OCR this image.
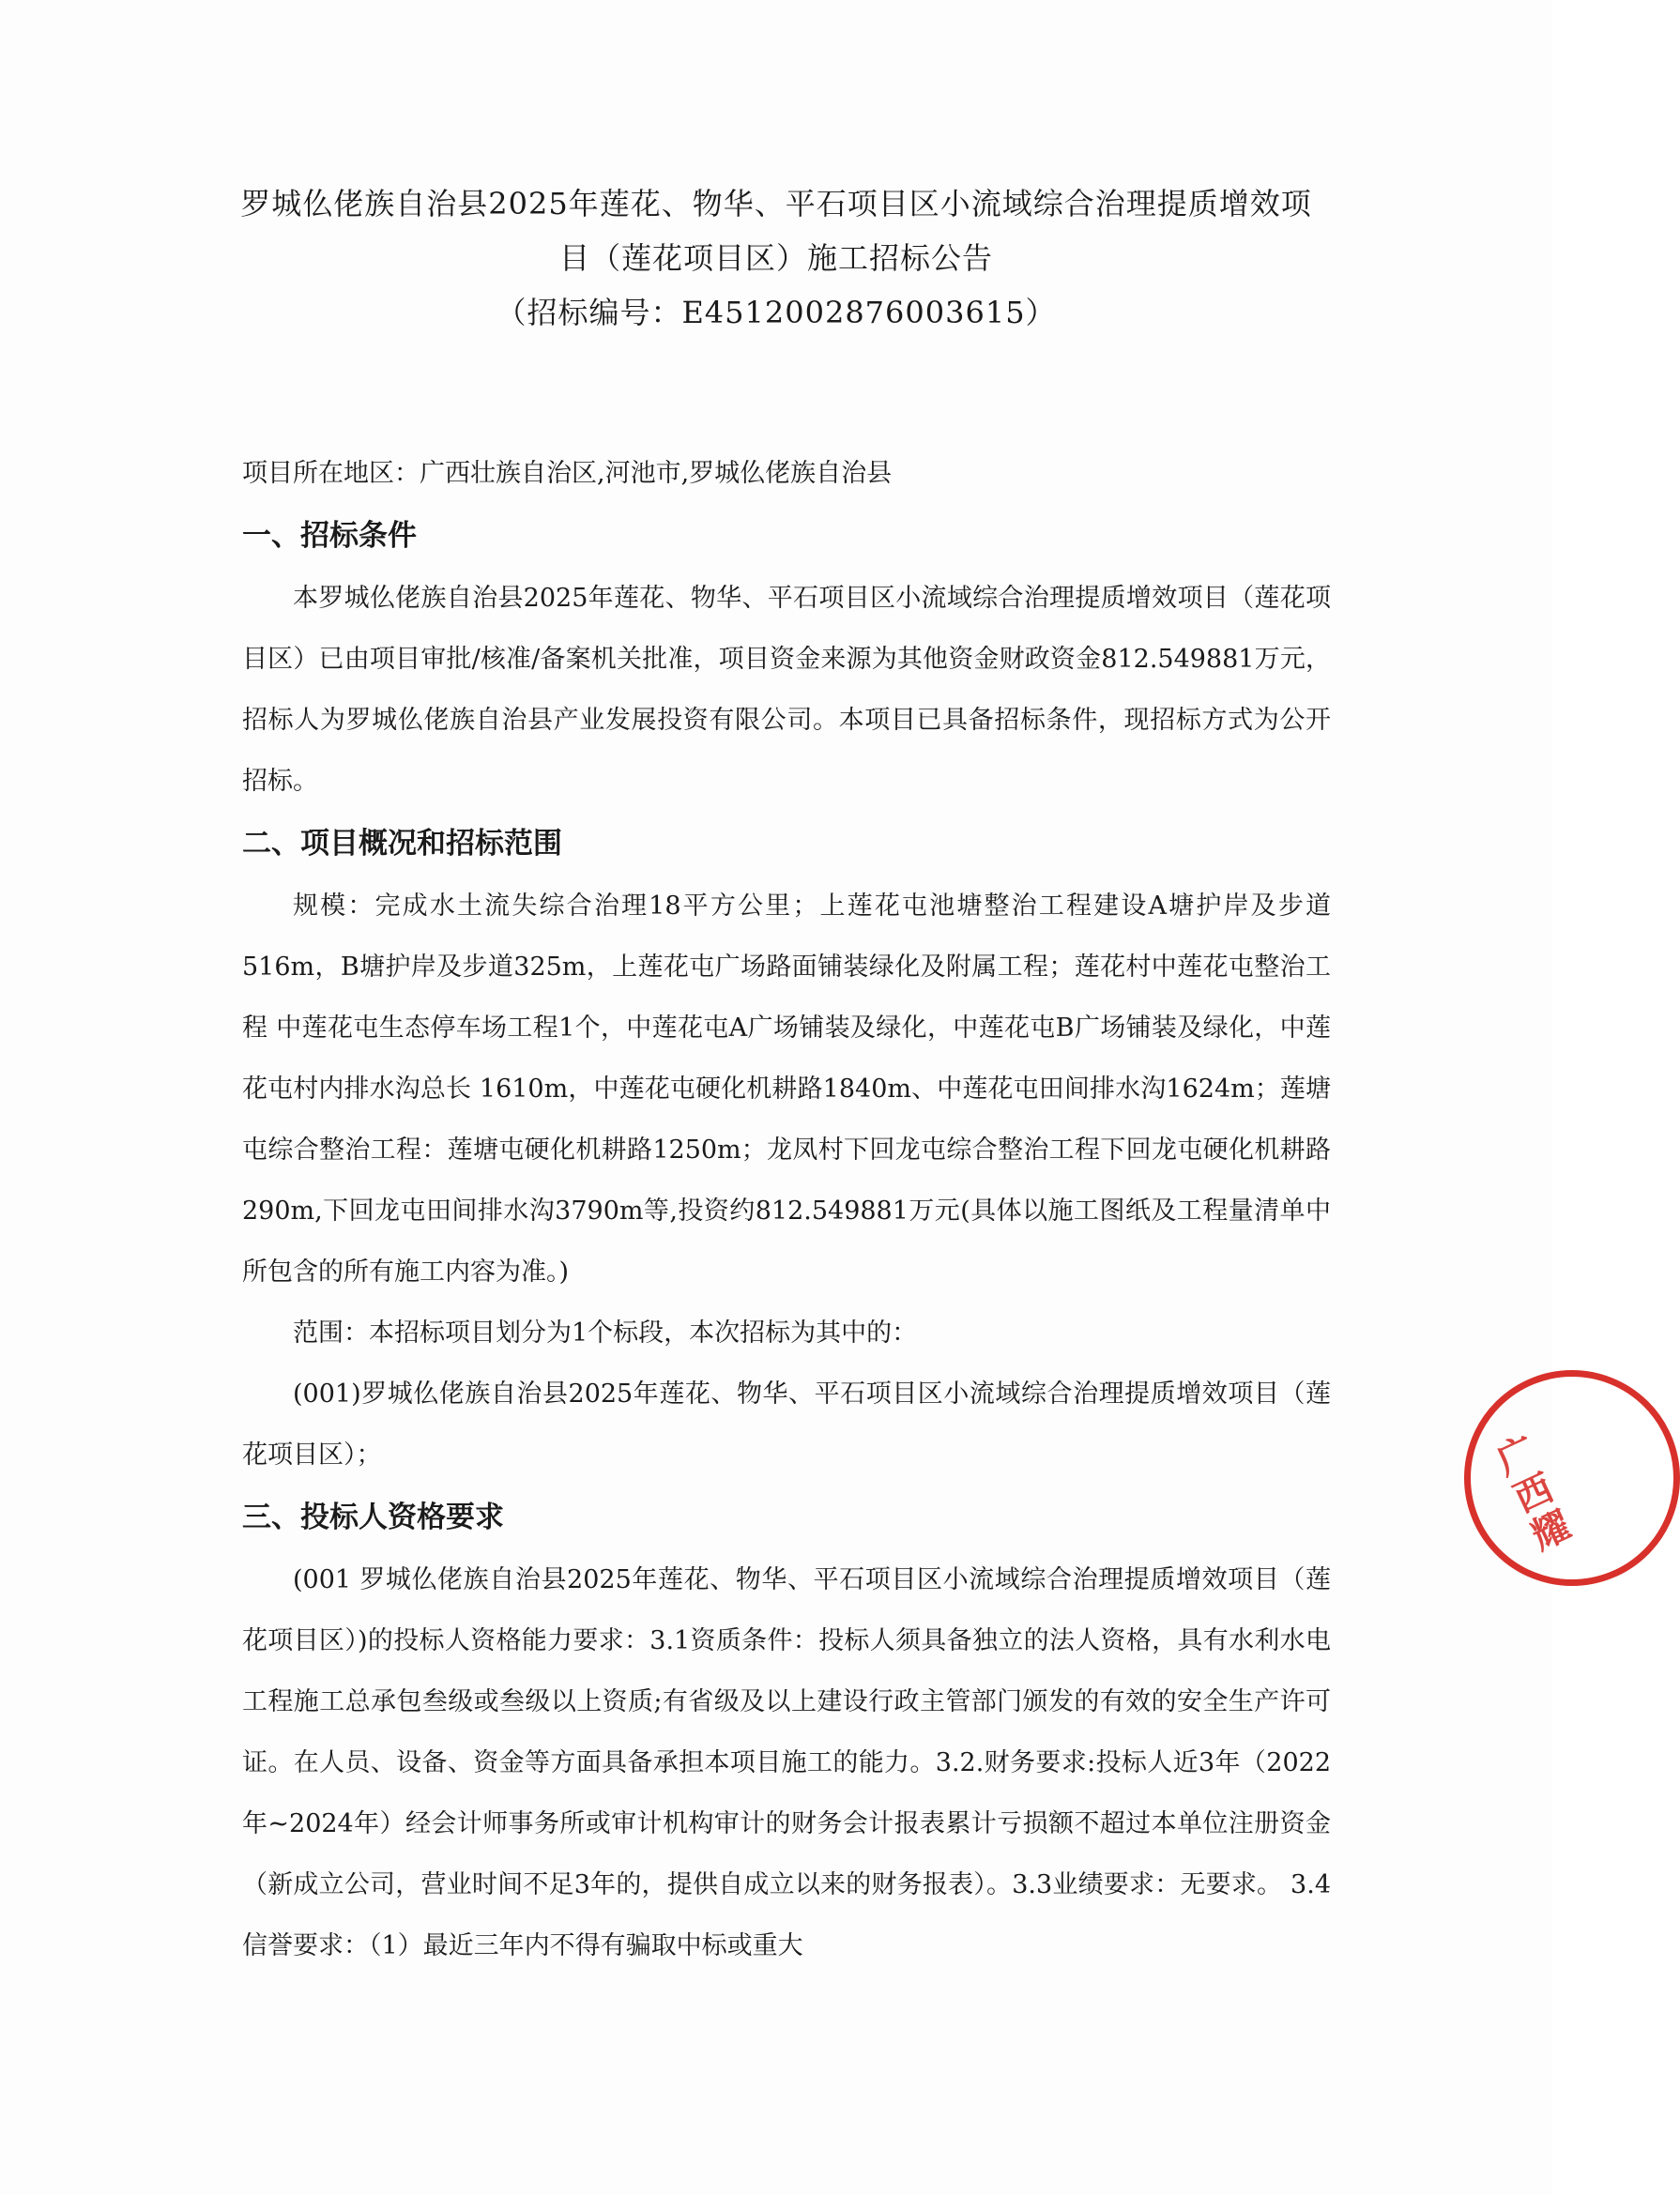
罗城仫佬族自治县2025年莲花、物华、平石项目区小流域综合治理提质增效项
目（莲花项目区）施工招标公告
（招标编号：E4512002876003615）

项目所在地区：广西壮族自治区,河池市,罗城仫佬族自治县

一、招标条件

本罗城仫佬族自治县2025年莲花、物华、平石项目区小流域综合治理提质增效项目（莲花项目区）已由项目审批/核准/备案机关批准，项目资金来源为其他资金财政资金812.549881万元，招标人为罗城仫佬族自治县产业发展投资有限公司。本项目已具备招标条件，现招标方式为公开招标。

二、项目概况和招标范围

规模：完成水土流失综合治理18平方公里；上莲花屯池塘整治工程建设A塘护岸及步道516m，B塘护岸及步道325m，上莲花屯广场路面铺装绿化及附属工程；莲花村中莲花屯整治工程 中莲花屯生态停车场工程1个，中莲花屯A广场铺装及绿化，中莲花屯B广场铺装及绿化，中莲花屯村内排水沟总长 1610m，中莲花屯硬化机耕路1840m、中莲花屯田间排水沟1624m；莲塘屯综合整治工程：莲塘屯硬化机耕路1250m；龙凤村下回龙屯综合整治工程下回龙屯硬化机耕路 290m,下回龙屯田间排水沟3790m等,投资约812.549881万元(具体以施工图纸及工程量清单中所包含的所有施工内容为准。)

范围：本招标项目划分为1个标段，本次招标为其中的：

(001)罗城仫佬族自治县2025年莲花、物华、平石项目区小流域综合治理提质增效项目（莲花项目区）；

三、投标人资格要求

(001 罗城仫佬族自治县2025年莲花、物华、平石项目区小流域综合治理提质增效项目（莲花项目区）)的投标人资格能力要求：3.1资质条件：投标人须具备独立的法人资格，具有水利水电工程施工总承包叁级或叁级以上资质;有省级及以上建设行政主管部门颁发的有效的安全生产许可证。在人员、设备、资金等方面具备承担本项目施工的能力。3.2.财务要求:投标人近3年（2022年~2024年）经会计师事务所或审计机构审计的财务会计报表累计亏损额不超过本单位注册资金（新成立公司，营业时间不足3年的，提供自成立以来的财务报表）。3.3业绩要求：无要求。 3.4信誉要求：（1）最近三年内不得有骗取中标或重大

广西耀
